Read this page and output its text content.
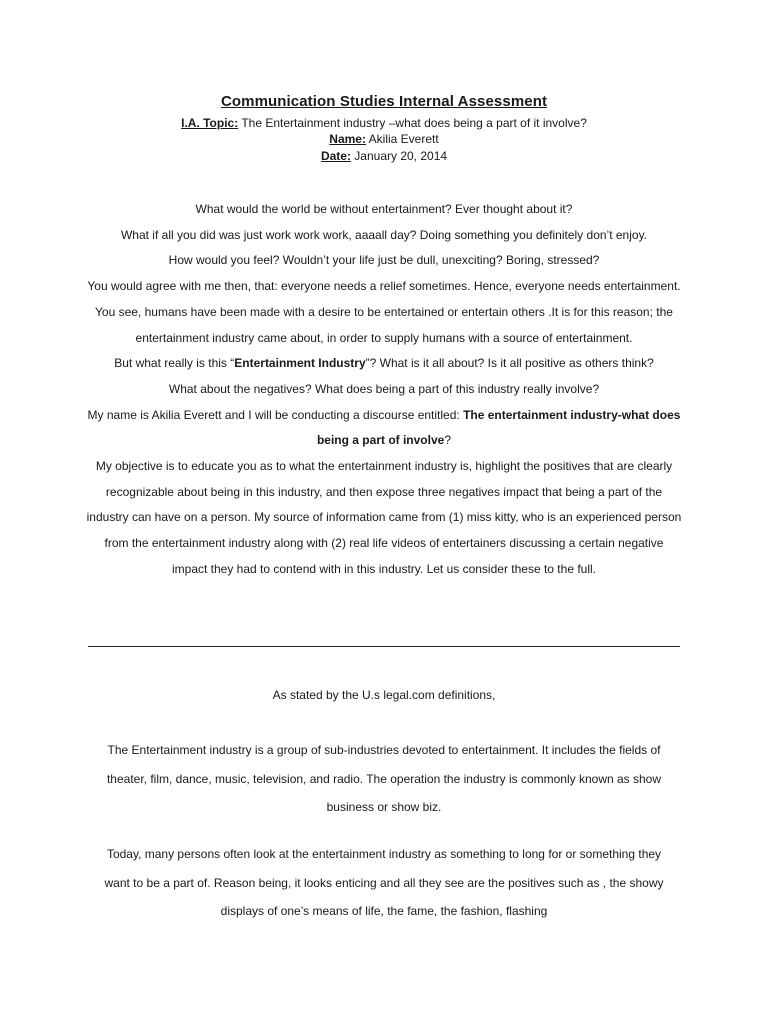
Communication Studies Internal Assessment
I.A. Topic: The Entertainment industry –what does being a part of it involve?
Name: Akilia Everett
Date: January 20, 2014

What would the world be without entertainment? Ever thought about it?

What if all you did was just work work work, aaaall day? Doing something you definitely don’t enjoy.

How would you feel? Wouldn’t your life just be dull, unexciting? Boring, stressed?

You would agree with me then, that: everyone needs a relief sometimes. Hence, everyone needs entertainment. You see, humans have been made with a desire to be entertained or entertain others .It is for this reason; the entertainment industry came about, in order to supply humans with a source of entertainment.

But what really is this “Entertainment Industry”? What is it all about? Is it all positive as others think?

What about the negatives? What does being a part of this industry really involve?

My name is Akilia Everett and I will be conducting a discourse entitled: The entertainment industry-what does being a part of involve?

My objective is to educate you as to what the entertainment industry is, highlight the positives that are clearly recognizable about being in this industry, and then expose three negatives impact that being a part of the industry can have on a person. My source of information came from (1) miss kitty, who is an experienced person from the entertainment industry along with (2) real life videos of entertainers discussing a certain negative impact they had to contend with in this industry. Let us consider these to the full.

As stated by the U.s legal.com definitions,

The Entertainment industry is a group of sub-industries devoted to entertainment. It includes the fields of theater, film, dance, music, television, and radio. The operation the industry is commonly known as show business or show biz.

Today, many persons often look at the entertainment industry as something to long for or something they want to be a part of. Reason being, it looks enticing and all they see are the positives such as , the showy displays of one’s means of life, the fame, the fashion, flashing
